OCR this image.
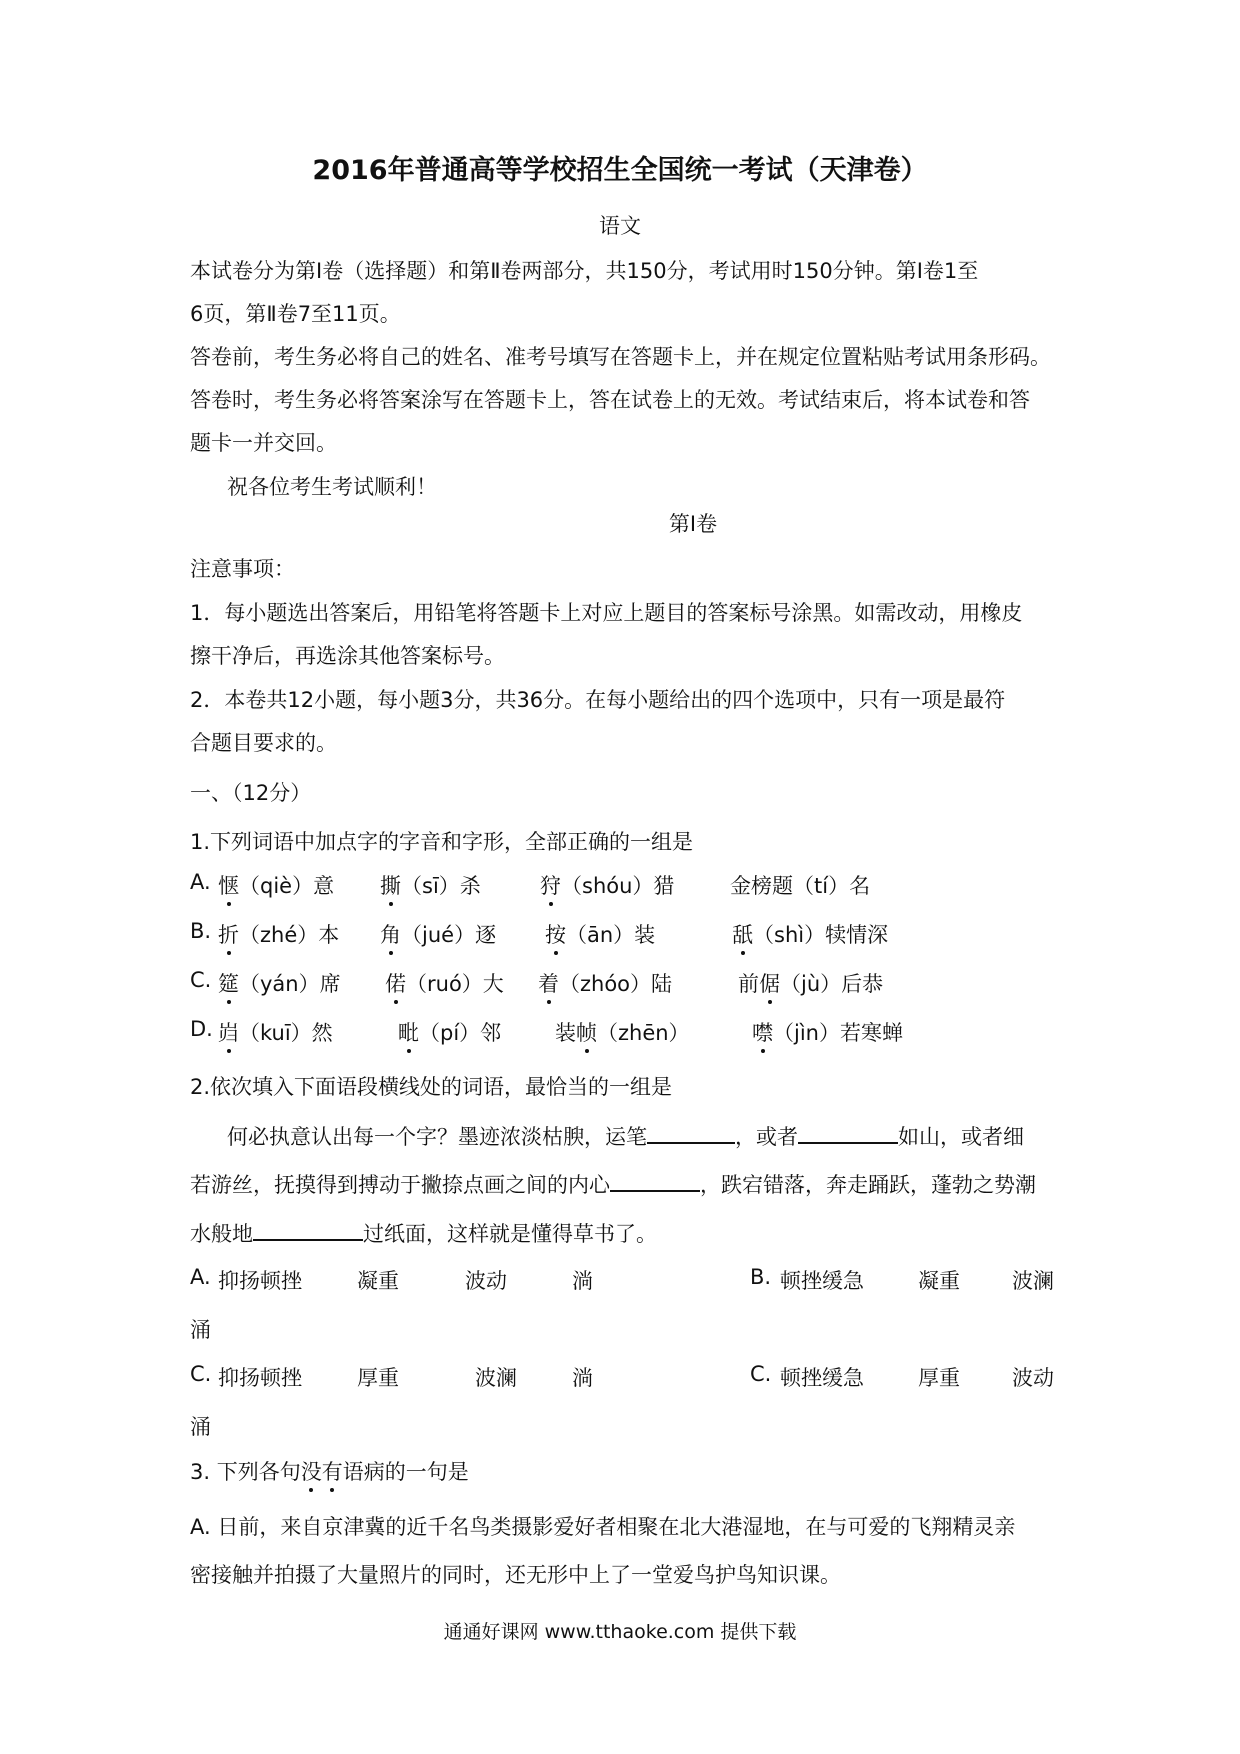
2016年普通高等学校招生全国统一考试（天津卷）
语文
本试卷分为第Ⅰ卷（选择题）和第Ⅱ卷两部分，共150分，考试用时150分钟。第Ⅰ卷1至
6页，第Ⅱ卷7至11页。
答卷前，考生务必将自己的姓名、准考号填写在答题卡上，并在规定位置粘贴考试用条形码。
答卷时，考生务必将答案涂写在答题卡上，答在试卷上的无效。考试结束后，将本试卷和答
题卡一并交回。
祝各位考生考试顺利！
第Ⅰ卷
注意事项：
1．每小题选出答案后，用铅笔将答题卡上对应上题目的答案标号涂黑。如需改动，用橡皮
擦干净后，再选涂其他答案标号。
2．本卷共12小题，每小题3分，共36分。在每小题给出的四个选项中，只有一项是最符
合题目要求的。
一、（12分）
1.下列词语中加点字的字音和字形，全部正确的一组是
A. 惬（qiè）意 撕（sī）杀	狩（shóu）猎	金榜题（tí）名
B. 折（zhé）本 角（jué）逐 按（ān）装	舐（shì）犊情深
C. 筵（yán）席 偌（ruó）大 着（zhóo）陆	前倨（jù）后恭
D. 岿（kuī）然	毗（pí）邻	装帧（zhēn）	噤（jìn）若寒蝉
2.依次填入下面语段横线处的词语，最恰当的一组是
何必执意认出每一个字？墨迹浓淡枯腴，运笔	，或者	如山，或者细
若游丝，抚摸得到搏动于撇捺点画之间的内心	，跌宕错落，奔走踊跃，蓬勃之势潮
水般地	过纸面，这样就是懂得草书了。
A. 抑扬顿挫	凝重	波动	淌	B. 顿挫缓急	凝重 波澜
涌
C. 抑扬顿挫	厚重	波澜	淌	C. 顿挫缓急	厚重 波动
涌
3. 下列各句没有语病的一句是
A. 日前，来自京津冀的近千名鸟类摄影爱好者相聚在北大港湿地，在与可爱的飞翔精灵亲
密接触并拍摄了大量照片的同时，还无形中上了一堂爱鸟护鸟知识课。
通通好课网 www.tthaoke.com 提供下载
